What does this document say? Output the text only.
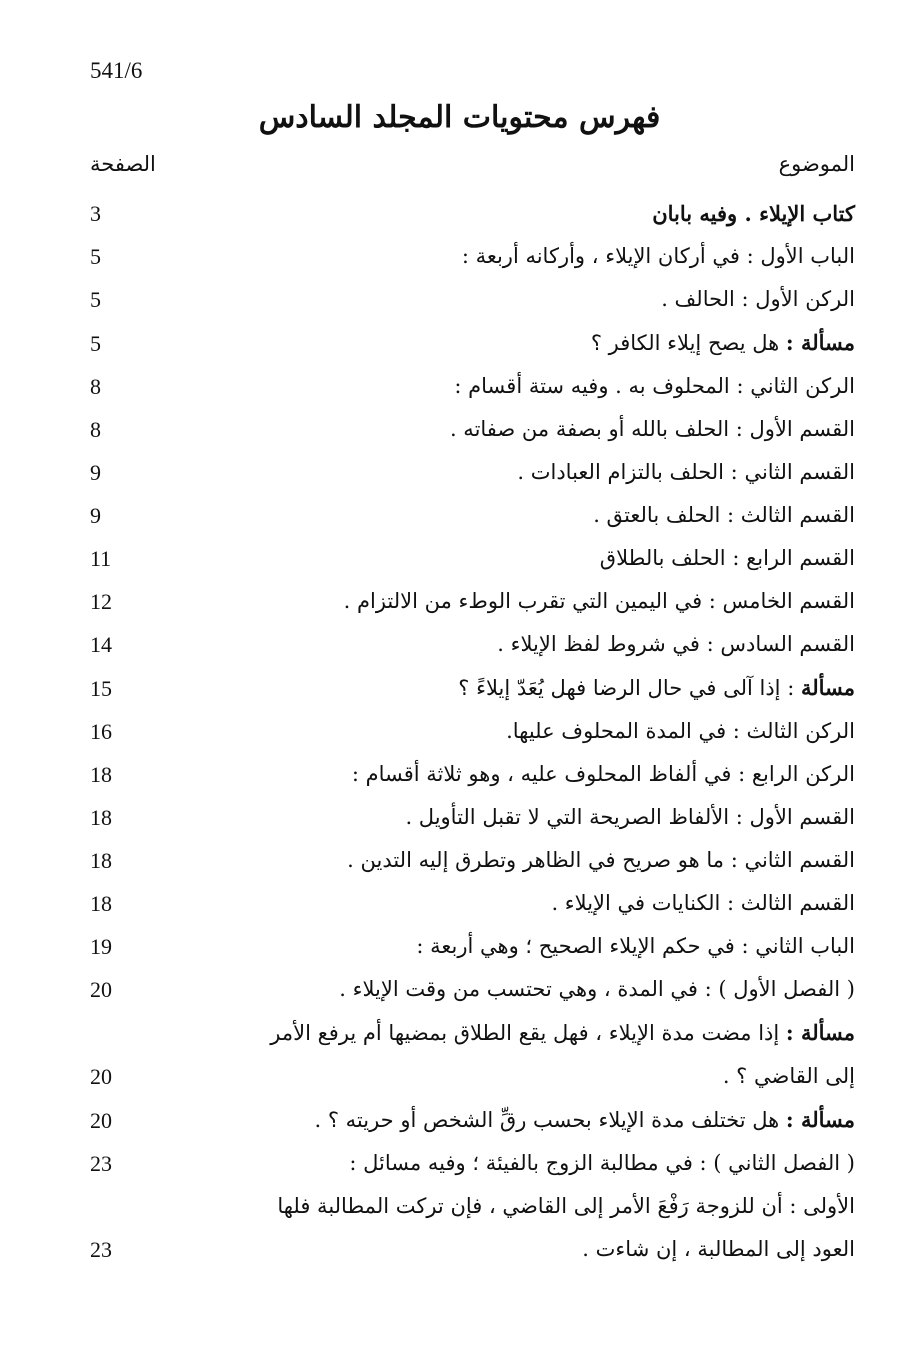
541/6
فهرس محتويات المجلد السادس
الموضوع
الصفحة
كتاب الإيلاء . وفيه بابان
3
الباب الأول : في أركان الإيلاء ، وأركانه أربعة :
5
الركن الأول : الحالف .
5
مسألة : هل يصح إيلاء الكافر ؟
5
الركن الثاني : المحلوف به . وفيه ستة أقسام :
8
القسم الأول : الحلف بالله أو بصفة من صفاته .
8
القسم الثاني : الحلف بالتزام العبادات .
9
القسم الثالث : الحلف بالعتق .
9
القسم الرابع : الحلف بالطلاق
11
القسم الخامس : في اليمين التي تقرب الوطء من الالتزام .
12
القسم السادس : في شروط لفظ الإيلاء .
14
مسألة : إذا آلى في حال الرضا فهل يُعَدّ إيلاءً ؟
15
الركن الثالث : في المدة المحلوف عليها.
16
الركن الرابع : في ألفاظ المحلوف عليه ، وهو ثلاثة أقسام :
18
القسم الأول : الألفاظ الصريحة التي لا تقبل التأويل .
18
القسم الثاني : ما هو صريح في الظاهر وتطرق إليه التدين .
18
القسم الثالث : الكنايات في الإيلاء .
18
الباب الثاني : في حكم الإيلاء الصحيح ؛ وهي أربعة :
19
( الفصل الأول ) : في المدة ، وهي تحتسب من وقت الإيلاء .
20
مسألة : إذا مضت مدة الإيلاء ، فهل يقع الطلاق بمضيها أم يرفع الأمر
إلى القاضي ؟ .
20
مسألة : هل تختلف مدة الإيلاء بحسب رقِّ الشخص أو حريته ؟ .
20
( الفصل الثاني ) : في مطالبة الزوج بالفيئة ؛ وفيه مسائل :
23
الأولى : أن للزوجة رَفْعَ الأمر إلى القاضي ، فإن تركت المطالبة فلها
العود إلى المطالبة ، إن شاءت .
23
